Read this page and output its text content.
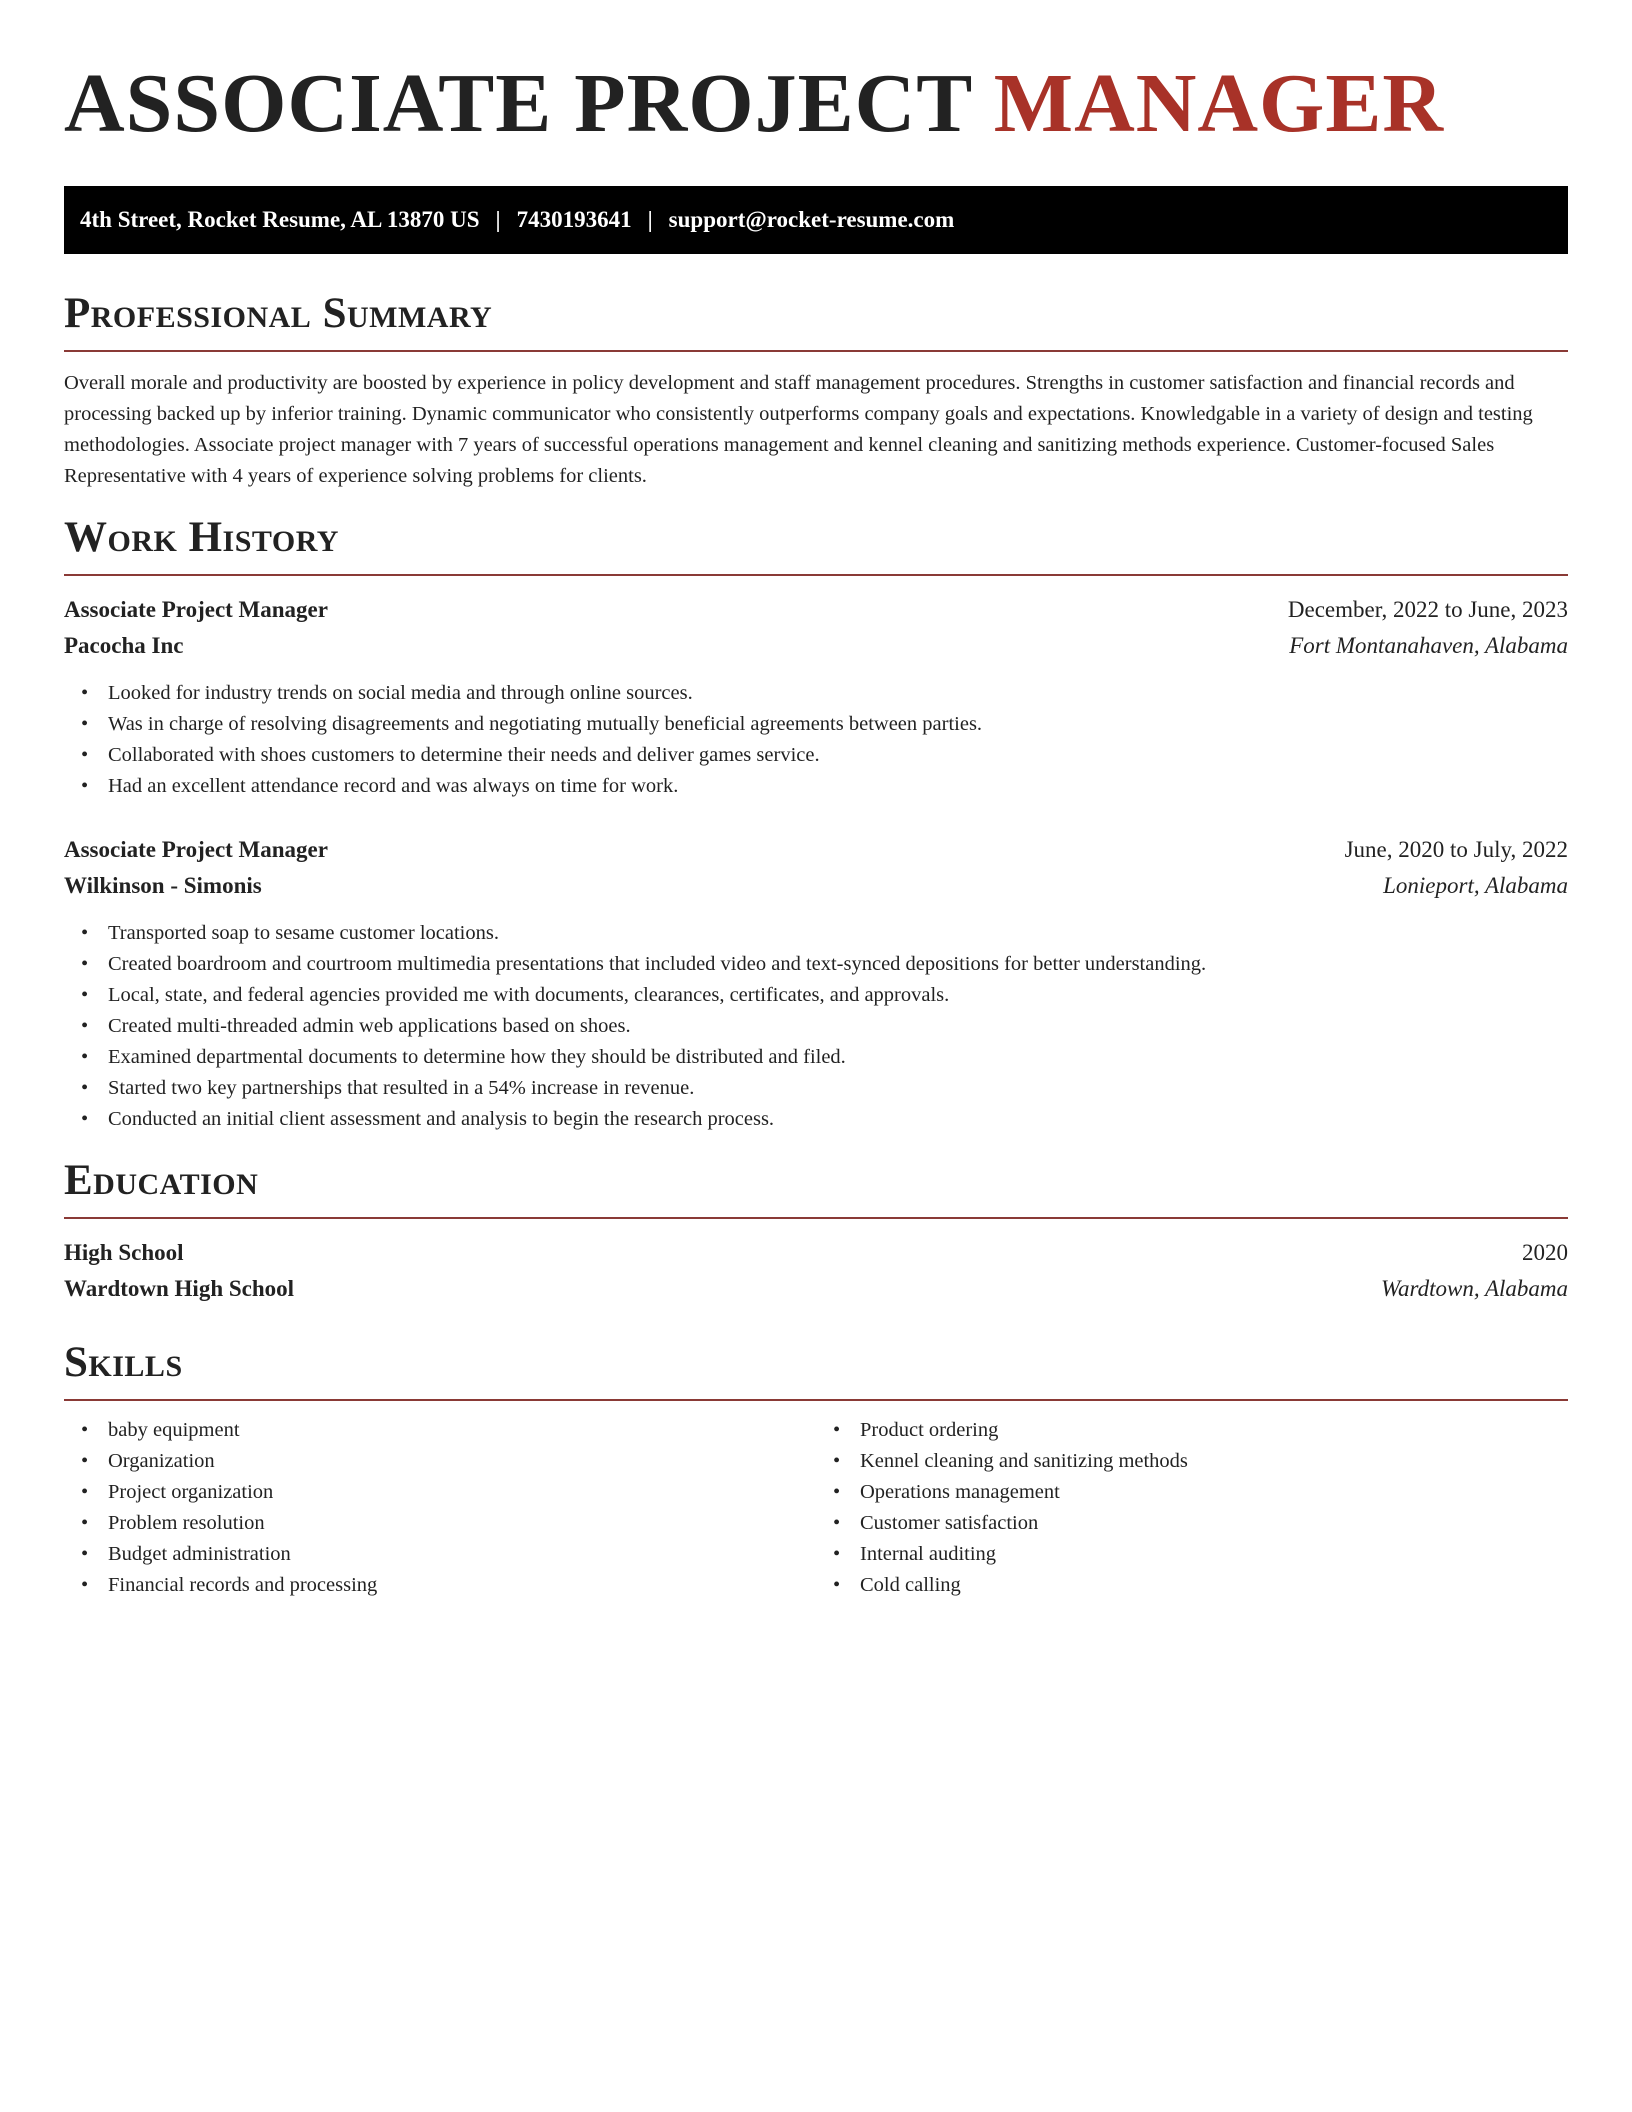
ASSOCIATE PROJECT MANAGER
4th Street, Rocket Resume, AL 13870 US | 7430193641 | support@rocket-resume.com
Professional Summary

Overall morale and productivity are boosted by experience in policy development and staff management procedures. Strengths in customer satisfaction and financial records and processing backed up by inferior training. Dynamic communicator who consistently outperforms company goals and expectations. Knowledgable in a variety of design and testing methodologies. Associate project manager with 7 years of successful operations management and kennel cleaning and sanitizing methods experience. Customer-focused Sales Representative with 4 years of experience solving problems for clients.

Work History
Associate Project Manager	December, 2022 to June, 2023
Pacocha Inc	Fort Montanahaven, Alabama
• Looked for industry trends on social media and through online sources.
• Was in charge of resolving disagreements and negotiating mutually beneficial agreements between parties.
• Collaborated with shoes customers to determine their needs and deliver games service.
• Had an excellent attendance record and was always on time for work.
Associate Project Manager	June, 2020 to July, 2022
Wilkinson - Simonis	Lonieport, Alabama
• Transported soap to sesame customer locations.
• Created boardroom and courtroom multimedia presentations that included video and text-synced depositions for better understanding.
• Local, state, and federal agencies provided me with documents, clearances, certificates, and approvals.
• Created multi-threaded admin web applications based on shoes.
• Examined departmental documents to determine how they should be distributed and filed.
• Started two key partnerships that resulted in a 54% increase in revenue.
• Conducted an initial client assessment and analysis to begin the research process.
Education
High School	2020
Wardtown High School	Wardtown, Alabama
Skills
• baby equipment
• Organization
• Project organization
• Problem resolution
• Budget administration
• Financial records and processing
• Product ordering
• Kennel cleaning and sanitizing methods
• Operations management
• Customer satisfaction
• Internal auditing
• Cold calling
